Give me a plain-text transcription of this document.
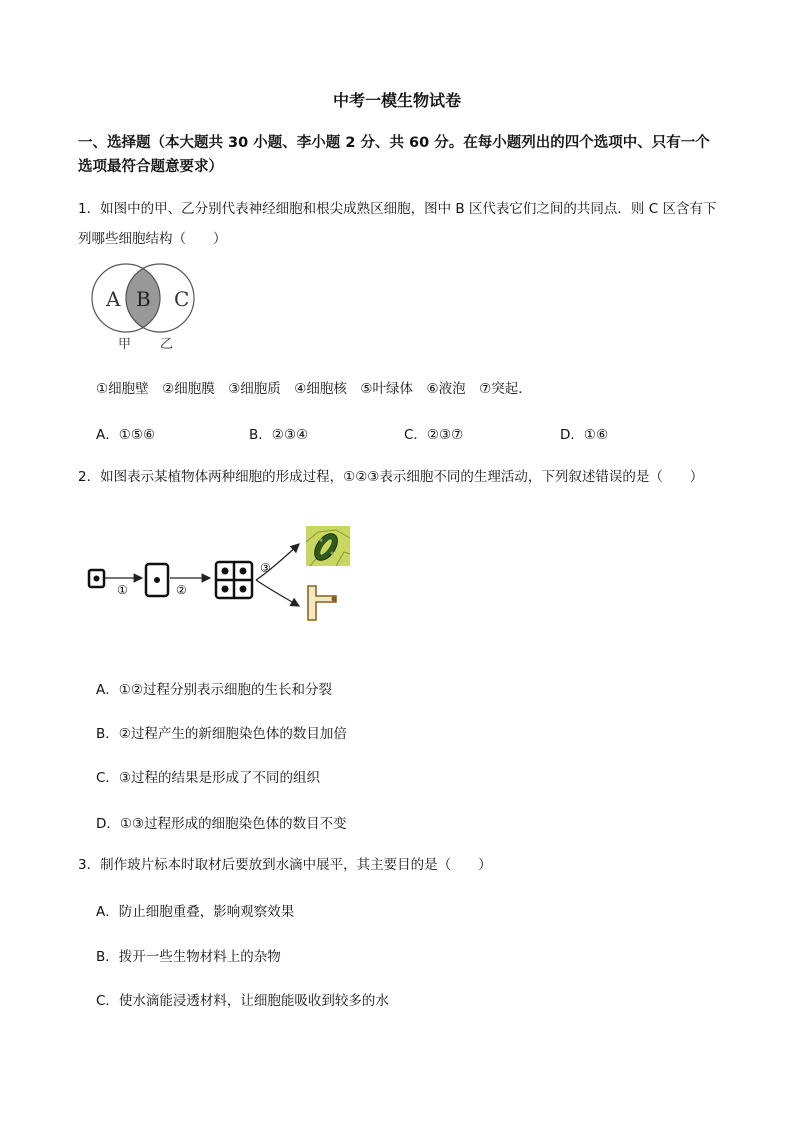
中考一模生物试卷
一、选择题（本大题共 30 小题、李小题 2 分、共 60 分。在每小题列出的四个选项中、只有一个选项最符合题意要求）
1．如图中的甲、乙分别代表神经细胞和根尖成熟区细胞，图中 B 区代表它们之间的共同点．则 C 区含有下列哪些细胞结构（　　）
A B C
甲 乙
①细胞壁　②细胞膜　③细胞质　④细胞核　⑤叶绿体　⑥液泡　⑦突起．
A．①⑤⑥	B．②③④	C．②③⑦	D．①⑥
2．如图表示某植物体两种细胞的形成过程，①②③表示细胞不同的生理活动，下列叙述错误的是（　　）
①	②
③
A．①②过程分别表示细胞的生长和分裂
B．②过程产生的新细胞染色体的数目加倍
C．③过程的结果是形成了不同的组织
D．①③过程形成的细胞染色体的数目不变
3．制作玻片标本时取材后要放到水滴中展平，其主要目的是（　　）
A．防止细胞重叠，影响观察效果
B．拨开一些生物材料上的杂物
C．使水滴能浸透材料，让细胞能吸收到较多的水
